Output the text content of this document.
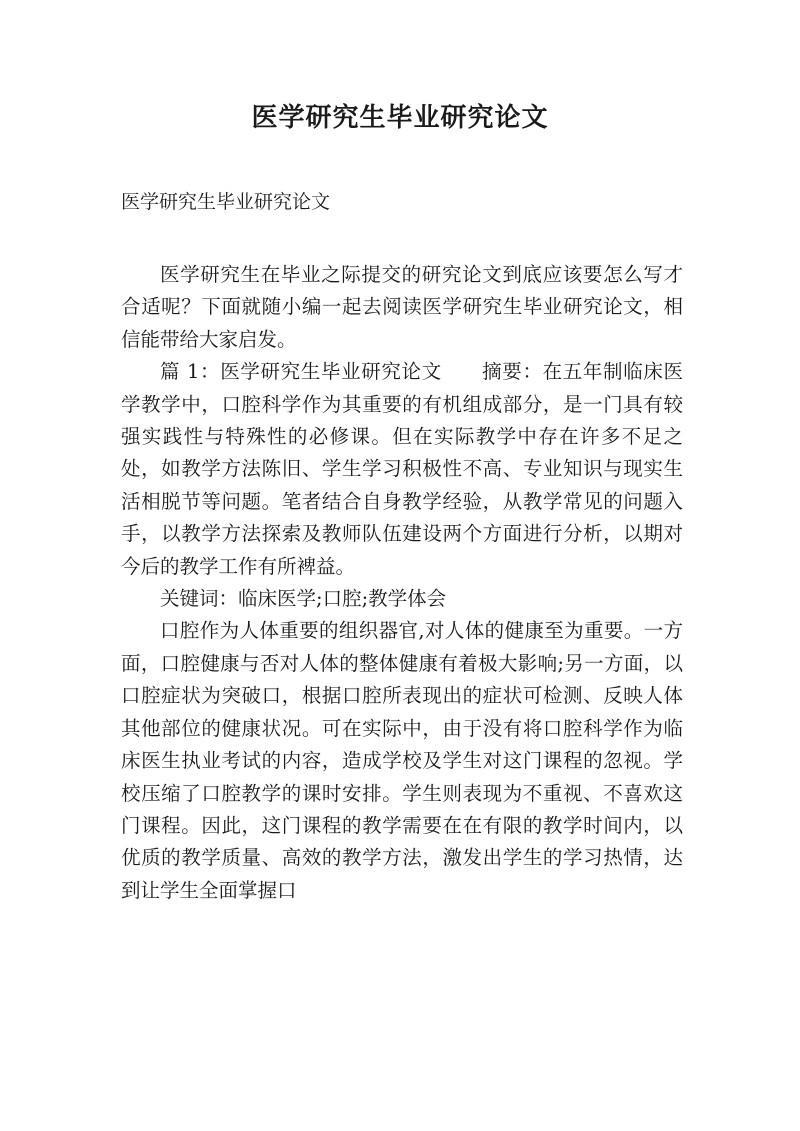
医学研究生毕业研究论文
医学研究生毕业研究论文

医学研究生在毕业之际提交的研究论文到底应该要怎么写才合适呢？下面就随小编一起去阅读医学研究生毕业研究论文，相信能带给大家启发。

篇 1：医学研究生毕业研究论文　　摘要：在五年制临床医学教学中，口腔科学作为其重要的有机组成部分，是一门具有较强实践性与特殊性的必修课。但在实际教学中存在许多不足之处，如教学方法陈旧、学生学习积极性不高、专业知识与现实生活相脱节等问题。笔者结合自身教学经验，从教学常见的问题入手，以教学方法探索及教师队伍建设两个方面进行分析，以期对今后的教学工作有所裨益。

关键词：临床医学;口腔;教学体会

口腔作为人体重要的组织器官,对人体的健康至为重要。一方面，口腔健康与否对人体的整体健康有着极大影响;另一方面，以口腔症状为突破口，根据口腔所表现出的症状可检测、反映人体其他部位的健康状况。可在实际中，由于没有将口腔科学作为临床医生执业考试的内容，造成学校及学生对这门课程的忽视。学校压缩了口腔教学的课时安排。学生则表现为不重视、不喜欢这门课程。因此，这门课程的教学需要在在有限的教学时间内，以优质的教学质量、高效的教学方法，激发出学生的学习热情，达到让学生全面掌握口
